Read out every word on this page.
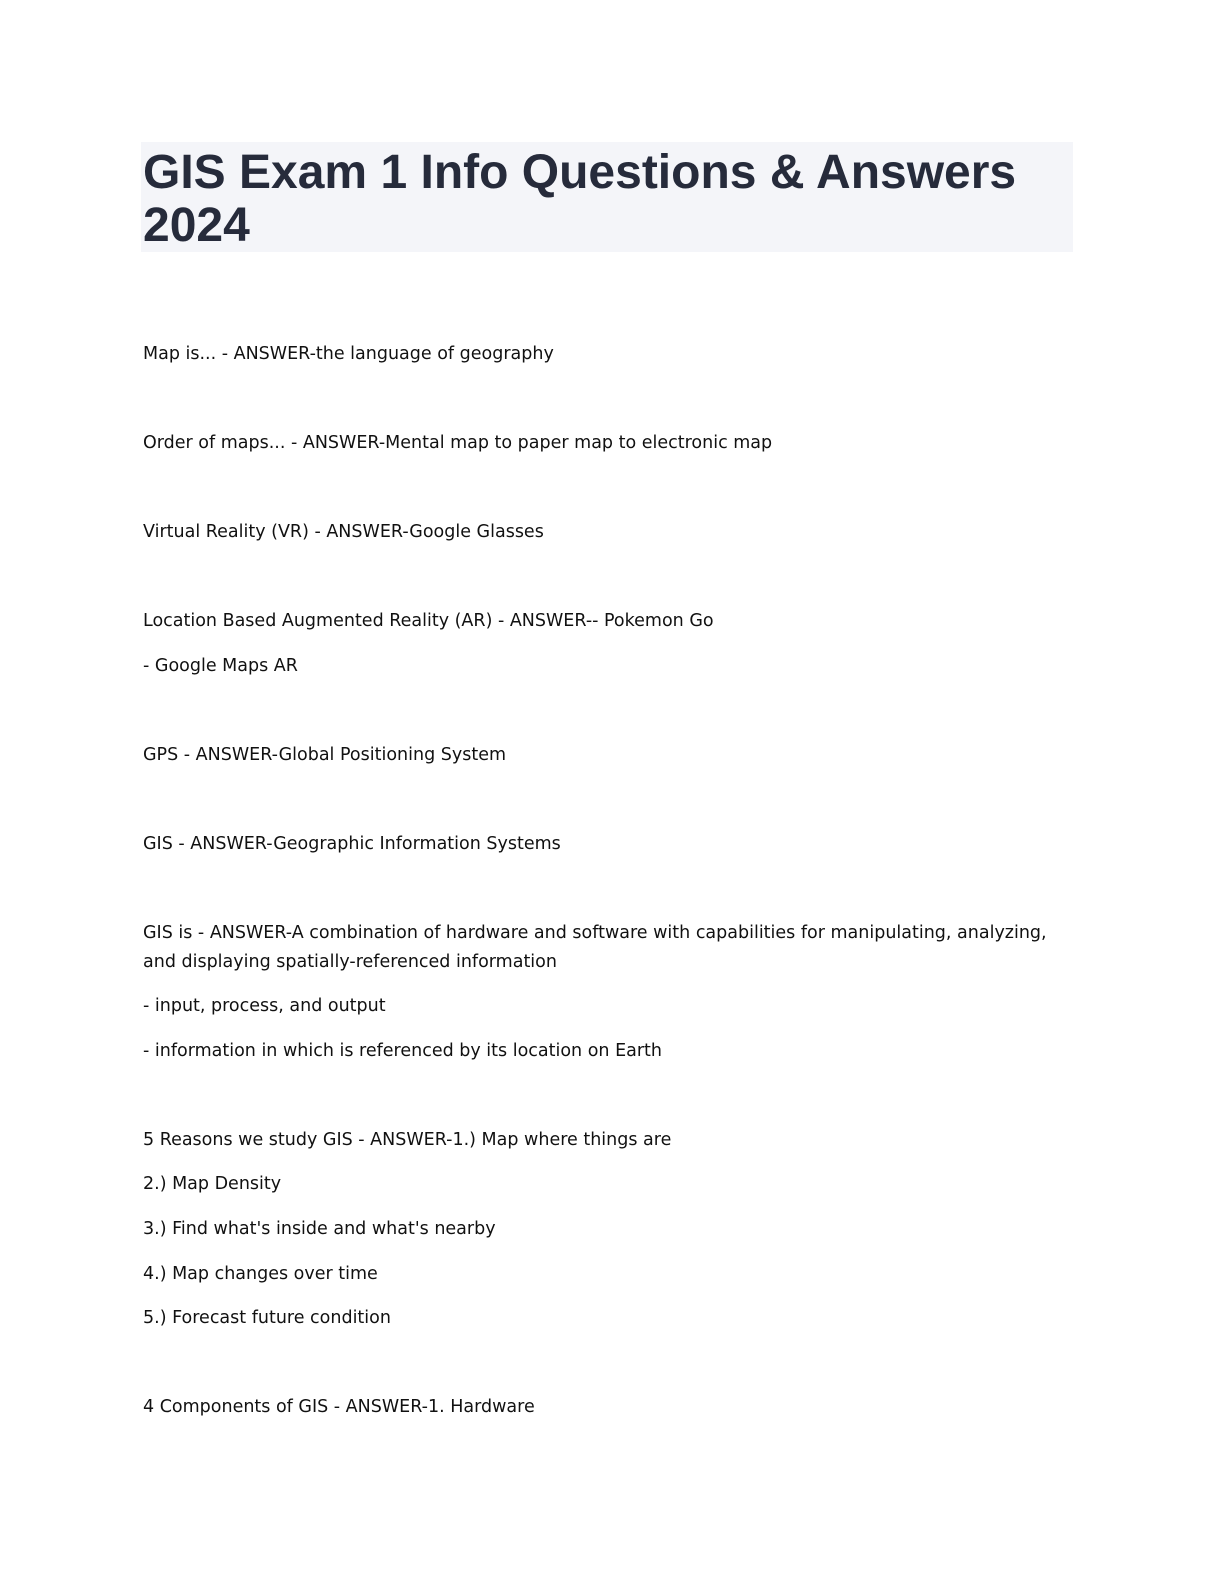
GIS Exam 1 Info Questions & Answers
2024

Map is... - ANSWER-the language of geography

Order of maps... - ANSWER-Mental map to paper map to electronic map

Virtual Reality (VR) - ANSWER-Google Glasses

Location Based Augmented Reality (AR) - ANSWER-- Pokemon Go

- Google Maps AR

GPS - ANSWER-Global Positioning System

GIS - ANSWER-Geographic Information Systems

GIS is - ANSWER-A combination of hardware and software with capabilities for manipulating, analyzing,

and displaying spatially-referenced information

- input, process, and output

- information in which is referenced by its location on Earth

5 Reasons we study GIS - ANSWER-1.) Map where things are

2.) Map Density

3.) Find what's inside and what's nearby

4.) Map changes over time

5.) Forecast future condition

4 Components of GIS - ANSWER-1. Hardware
